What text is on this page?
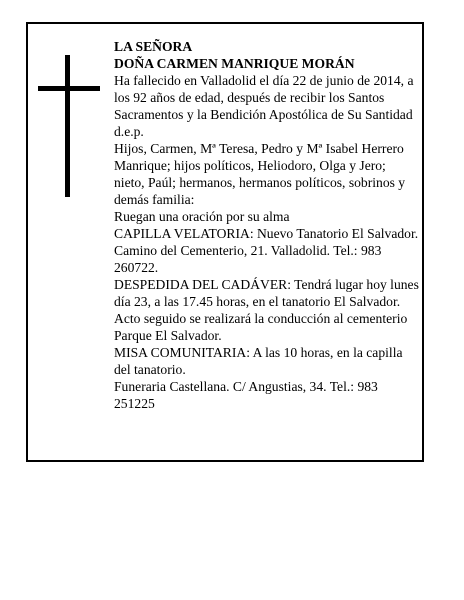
LA SEÑORA

DOÑA CARMEN MANRIQUE MORÁN

Ha fallecido en Valladolid el día 22 de junio de 2014, a los 92 años de edad, después de recibir los Santos Sacramentos y la Bendición Apostólica de Su Santidad d.e.p.

Hijos, Carmen, Mª Teresa, Pedro y Mª Isabel Herrero Manrique; hijos políticos, Heliodoro, Olga y Jero; nieto, Paúl; hermanos, hermanos políticos, sobrinos y demás familia:

Ruegan una oración por su alma

CAPILLA VELATORIA: Nuevo Tanatorio El Salvador. Camino del Cementerio, 21. Valladolid. Tel.: 983 260722.

DESPEDIDA DEL CADÁVER: Tendrá lugar hoy lunes día 23, a las 17.45 horas, en el tanatorio El Salvador. Acto seguido se realizará la conducción al cementerio Parque El Salvador.

MISA COMUNITARIA: A las 10 horas, en la capilla del tanatorio.

Funeraria Castellana. C/ Angustias, 34. Tel.: 983 251225
